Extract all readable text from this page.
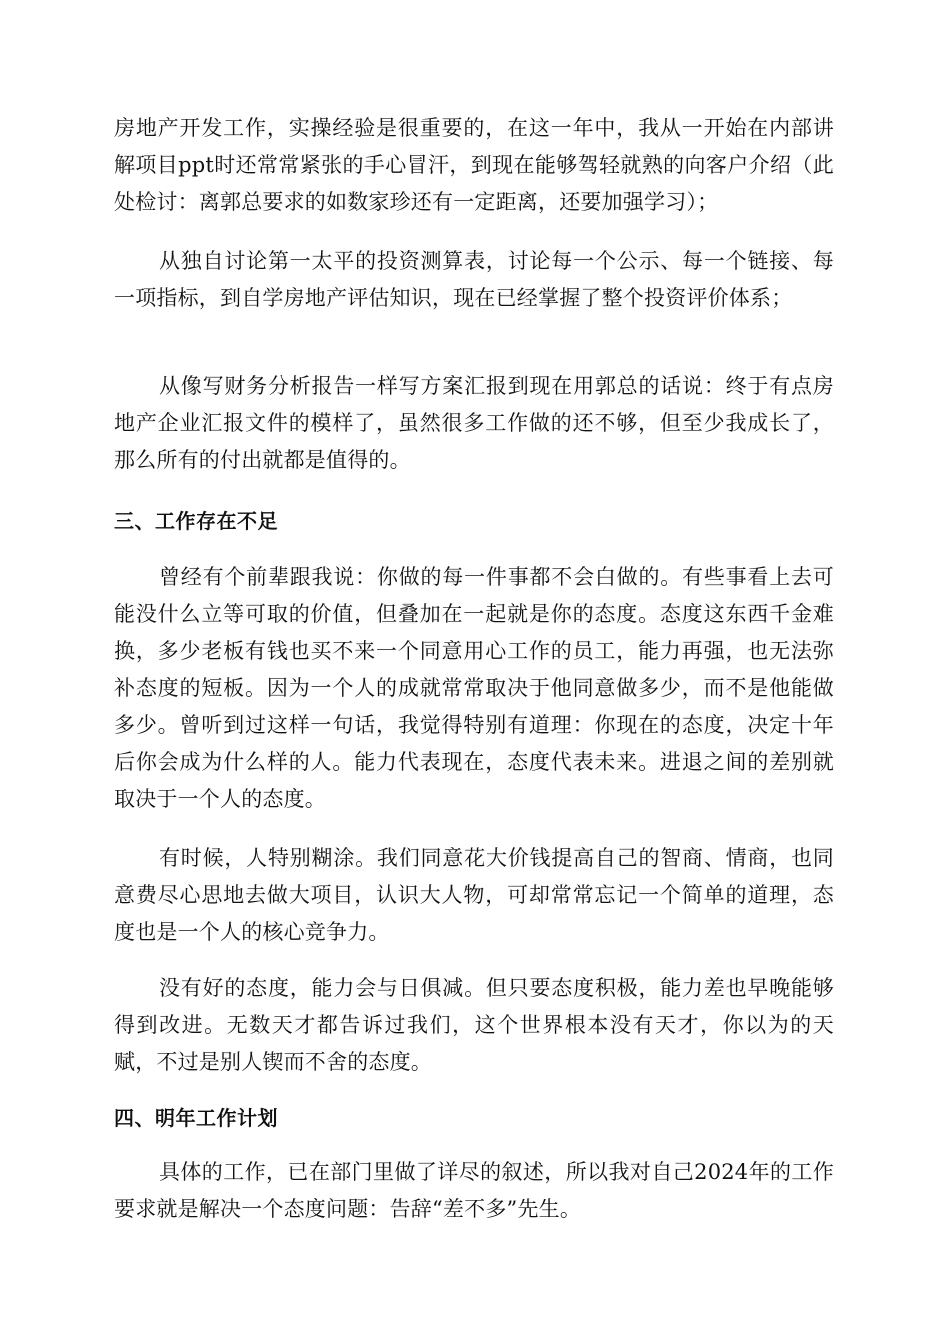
房地产开发工作，实操经验是很重要的，在这一年中，我从一开始在内部讲解项目ppt时还常常紧张的手心冒汗，到现在能够驾轻就熟的向客户介绍（此处检讨：离郭总要求的如数家珍还有一定距离，还要加强学习）；

从独自讨论第一太平的投资测算表，讨论每一个公示、每一个链接、每一项指标，到自学房地产评估知识，现在已经掌握了整个投资评价体系；

从像写财务分析报告一样写方案汇报到现在用郭总的话说：终于有点房地产企业汇报文件的模样了，虽然很多工作做的还不够，但至少我成长了，那么所有的付出就都是值得的。

三、工作存在不足

曾经有个前辈跟我说：你做的每一件事都不会白做的。有些事看上去可能没什么立等可取的价值，但叠加在一起就是你的态度。态度这东西千金难换，多少老板有钱也买不来一个同意用心工作的员工，能力再强，也无法弥补态度的短板。因为一个人的成就常常取决于他同意做多少，而不是他能做多少。曾听到过这样一句话，我觉得特别有道理：你现在的态度，决定十年后你会成为什么样的人。能力代表现在，态度代表未来。进退之间的差别就取决于一个人的态度。

有时候，人特别糊涂。我们同意花大价钱提高自己的智商、情商，也同意费尽心思地去做大项目，认识大人物，可却常常忘记一个简单的道理，态度也是一个人的核心竞争力。

没有好的态度，能力会与日俱减。但只要态度积极，能力差也早晚能够得到改进。无数天才都告诉过我们，这个世界根本没有天才，你以为的天赋，不过是别人锲而不舍的态度。

四、明年工作计划

具体的工作，已在部门里做了详尽的叙述，所以我对自己2024年的工作要求就是解决一个态度问题：告辞“差不多”先生。
